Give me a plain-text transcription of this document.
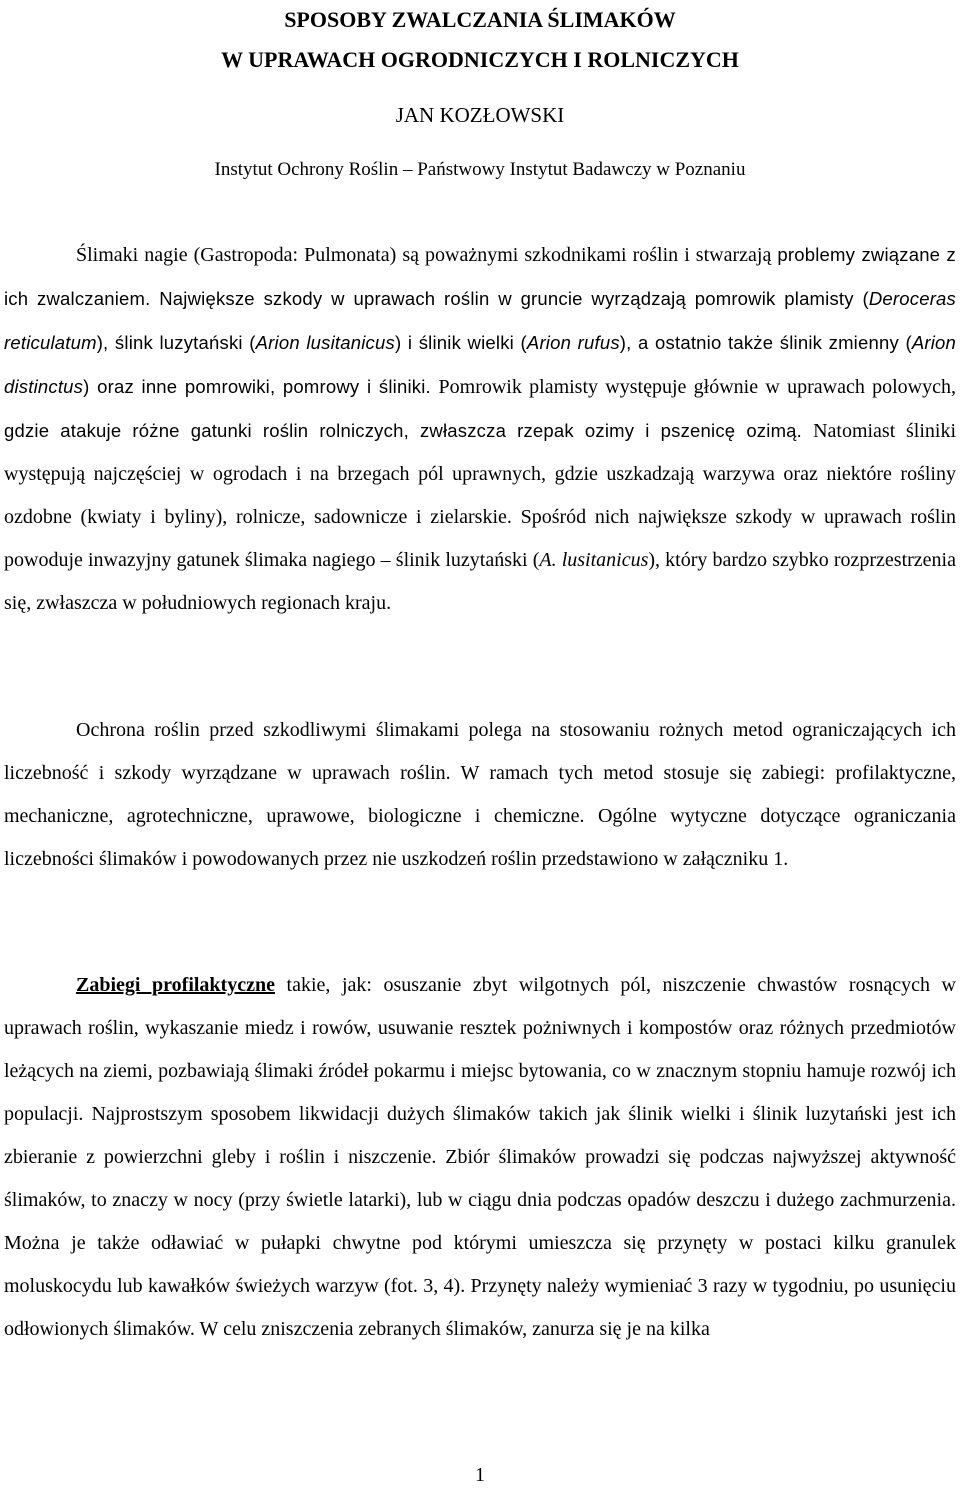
SPOSOBY ZWALCZANIA ŚLIMAKÓW
W UPRAWACH OGRODNICZYCH I ROLNICZYCH

JAN KOZŁOWSKI

Instytut Ochrony Roślin – Państwowy Instytut Badawczy w Poznaniu

Ślimaki nagie (Gastropoda: Pulmonata) są poważnymi szkodnikami roślin i stwarzają problemy związane z ich zwalczaniem. Największe szkody w uprawach roślin w gruncie wyrządzają pomrowik plamisty (Deroceras reticulatum), ślink luzytański (Arion lusitanicus) i ślinik wielki (Arion rufus), a ostatnio także ślinik zmienny (Arion distinctus) oraz inne pomrowiki, pomrowy i śliniki. Pomrowik plamisty występuje głównie w uprawach polowych, gdzie atakuje różne gatunki roślin rolniczych, zwłaszcza rzepak ozimy i pszenicę ozimą. Natomiast śliniki występują najczęściej w ogrodach i na brzegach pól uprawnych, gdzie uszkadzają warzywa oraz niektóre rośliny ozdobne (kwiaty i byliny), rolnicze, sadownicze i zielarskie. Spośród nich największe szkody w uprawach roślin powoduje inwazyjny gatunek ślimaka nagiego – ślinik luzytański (A. lusitanicus), który bardzo szybko rozprzestrzenia się, zwłaszcza w południowych regionach kraju.

Ochrona roślin przed szkodliwymi ślimakami polega na stosowaniu rożnych metod ograniczających ich liczebność i szkody wyrządzane w uprawach roślin. W ramach tych metod stosuje się zabiegi: profilaktyczne, mechaniczne, agrotechniczne, uprawowe, biologiczne i chemiczne. Ogólne wytyczne dotyczące ograniczania liczebności ślimaków i powodowanych przez nie uszkodzeń roślin przedstawiono w załączniku 1.

Zabiegi profilaktyczne takie, jak: osuszanie zbyt wilgotnych pól, niszczenie chwastów rosnących w uprawach roślin, wykaszanie miedz i rowów, usuwanie resztek pożniwnych i kompostów oraz różnych przedmiotów leżących na ziemi, pozbawiają ślimaki źródeł pokarmu i miejsc bytowania, co w znacznym stopniu hamuje rozwój ich populacji. Najprostszym sposobem likwidacji dużych ślimaków takich jak ślinik wielki i ślinik luzytański jest ich zbieranie z powierzchni gleby i roślin i niszczenie. Zbiór ślimaków prowadzi się podczas najwyższej aktywność ślimaków, to znaczy w nocy (przy świetle latarki), lub w ciągu dnia podczas opadów deszczu i dużego zachmurzenia. Można je także odławiać w pułapki chwytne pod którymi umieszcza się przynęty w postaci kilku granulek moluskocydu lub kawałków świeżych warzyw (fot. 3, 4). Przynęty należy wymieniać 3 razy w tygodniu, po usunięciu odłowionych ślimaków. W celu zniszczenia zebranych ślimaków, zanurza się je na kilka

1
